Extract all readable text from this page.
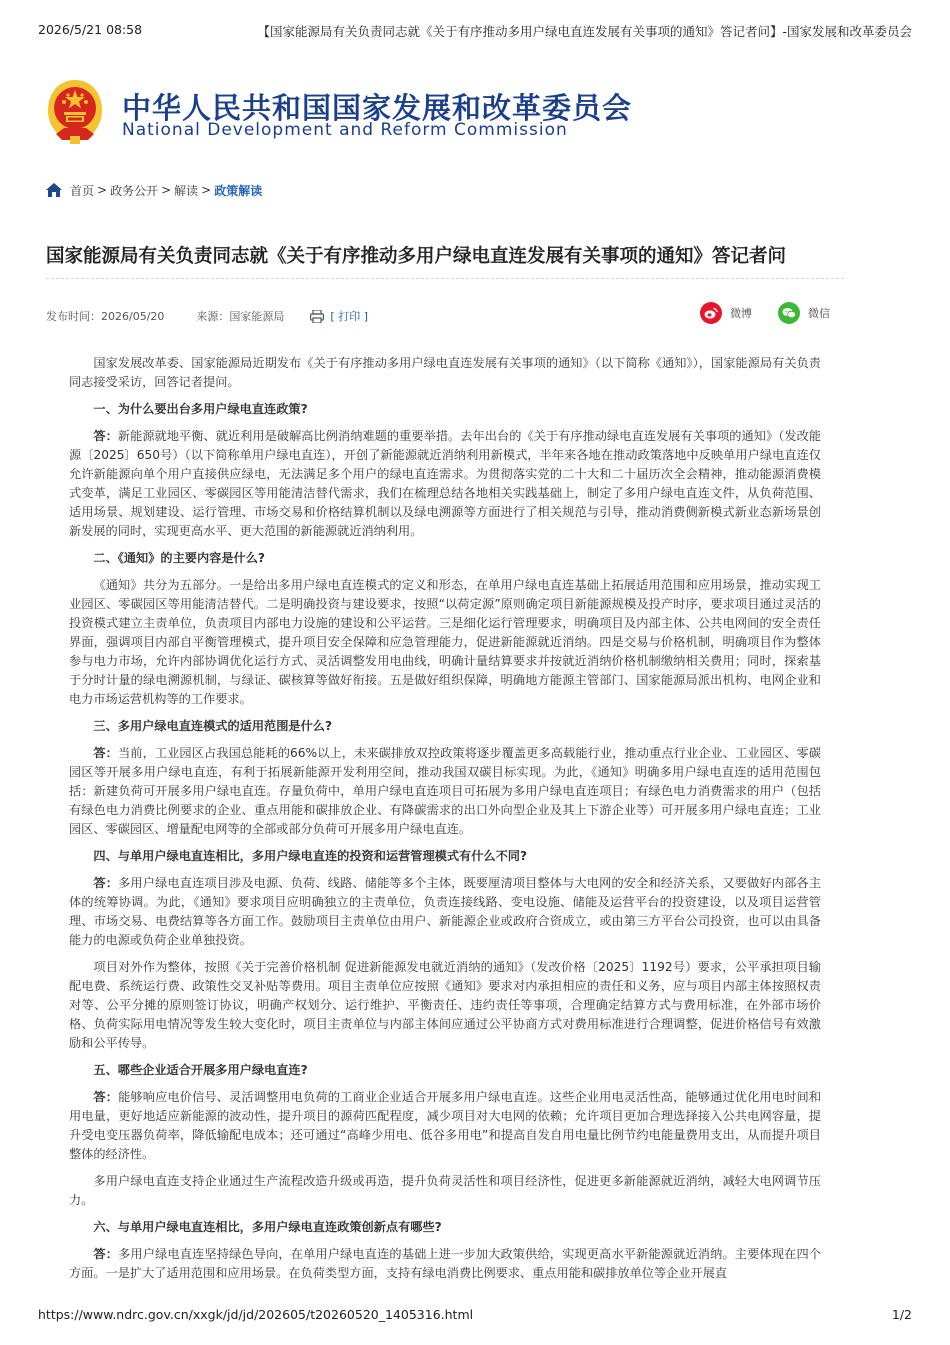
2026/5/21 08:58	【国家能源局有关负责同志就《关于有序推动多用户绿电直连发展有关事项的通知》答记者问】-国家发展和改革委员会
中华人民共和国国家发展和改革委员会
National Development and Reform Commission
首页 > 政务公开 > 解读 > 政策解读
国家能源局有关负责同志就《关于有序推动多用户绿电直连发展有关事项的通知》答记者问
发布时间：2026/05/20	来源：国家能源局	[ 打印 ]	微博	微信

国家发展改革委、国家能源局近期发布《关于有序推动多用户绿电直连发展有关事项的通知》（以下简称《通知》），国家能源局有关负责同志接受采访，回答记者提问。

一、为什么要出台多用户绿电直连政策?

答：新能源就地平衡、就近利用是破解高比例消纳难题的重要举措。去年出台的《关于有序推动绿电直连发展有关事项的通知》（发改能源〔2025〕650号）（以下简称单用户绿电直连），开创了新能源就近消纳利用新模式，半年来各地在推动政策落地中反映单用户绿电直连仅允许新能源向单个用户直接供应绿电，无法满足多个用户的绿电直连需求。为贯彻落实党的二十大和二十届历次全会精神，推动能源消费模式变革，满足工业园区、零碳园区等用能清洁替代需求，我们在梳理总结各地相关实践基础上，制定了多用户绿电直连文件，从负荷范围、适用场景、规划建设、运行管理、市场交易和价格结算机制以及绿电溯源等方面进行了相关规范与引导，推动消费侧新模式新业态新场景创新发展的同时，实现更高水平、更大范围的新能源就近消纳利用。

二、《通知》的主要内容是什么?

《通知》共分为五部分。一是给出多用户绿电直连模式的定义和形态，在单用户绿电直连基础上拓展适用范围和应用场景，推动实现工业园区、零碳园区等用能清洁替代。二是明确投资与建设要求，按照“以荷定源”原则确定项目新能源规模及投产时序，要求项目通过灵活的投资模式建立主责单位，负责项目内部电力设施的建设和公平运营。三是细化运行管理要求，明确项目及内部主体、公共电网间的安全责任界面，强调项目内部自平衡管理模式，提升项目安全保障和应急管理能力，促进新能源就近消纳。四是交易与价格机制，明确项目作为整体参与电力市场，允许内部协调优化运行方式、灵活调整发用电曲线，明确计量结算要求并按就近消纳价格机制缴纳相关费用；同时，探索基于分时计量的绿电溯源机制，与绿证、碳核算等做好衔接。五是做好组织保障，明确地方能源主管部门、国家能源局派出机构、电网企业和电力市场运营机构等的工作要求。

三、多用户绿电直连模式的适用范围是什么?

答：当前，工业园区占我国总能耗的66%以上，未来碳排放双控政策将逐步覆盖更多高载能行业，推动重点行业企业、工业园区、零碳园区等开展多用户绿电直连，有利于拓展新能源开发利用空间，推动我国双碳目标实现。为此，《通知》明确多用户绿电直连的适用范围包括：新建负荷可开展多用户绿电直连。存量负荷中，单用户绿电直连项目可拓展为多用户绿电直连项目；有绿色电力消费需求的用户（包括有绿色电力消费比例要求的企业、重点用能和碳排放企业、有降碳需求的出口外向型企业及其上下游企业等）可开展多用户绿电直连；工业园区、零碳园区、增量配电网等的全部或部分负荷可开展多用户绿电直连。

四、与单用户绿电直连相比，多用户绿电直连的投资和运营管理模式有什么不同?

答：多用户绿电直连项目涉及电源、负荷、线路、储能等多个主体，既要厘清项目整体与大电网的安全和经济关系，又要做好内部各主体的统筹协调。为此，《通知》要求项目应明确独立的主责单位，负责连接线路、变电设施、储能及运营平台的投资建设，以及项目运营管理、市场交易、电费结算等各方面工作。鼓励项目主责单位由用户、新能源企业或政府合资成立，或由第三方平台公司投资，也可以由具备能力的电源或负荷企业单独投资。

项目对外作为整体，按照《关于完善价格机制 促进新能源发电就近消纳的通知》（发改价格〔2025〕1192号）要求，公平承担项目输配电费、系统运行费、政策性交叉补贴等费用。项目主责单位应按照《通知》要求对内承担相应的责任和义务，应与项目内部主体按照权责对等、公平分摊的原则签订协议，明确产权划分、运行维护、平衡责任、违约责任等事项，合理确定结算方式与费用标准，在外部市场价格、负荷实际用电情况等发生较大变化时，项目主责单位与内部主体间应通过公平协商方式对费用标准进行合理调整，促进价格信号有效激励和公平传导。

五、哪些企业适合开展多用户绿电直连?

答：能够响应电价信号、灵活调整用电负荷的工商业企业适合开展多用户绿电直连。这些企业用电灵活性高，能够通过优化用电时间和用电量，更好地适应新能源的波动性，提升项目的源荷匹配程度，减少项目对大电网的依赖；允许项目更加合理选择接入公共电网容量，提升受电变压器负荷率，降低输配电成本；还可通过“高峰少用电、低谷多用电”和提高自发自用电量比例节约电能量费用支出，从而提升项目整体的经济性。

多用户绿电直连支持企业通过生产流程改造升级或再造，提升负荷灵活性和项目经济性，促进更多新能源就近消纳，减轻大电网调节压力。

六、与单用户绿电直连相比，多用户绿电直连政策创新点有哪些?

答：多用户绿电直连坚持绿色导向，在单用户绿电直连的基础上进一步加大政策供给，实现更高水平新能源就近消纳。主要体现在四个方面。一是扩大了适用范围和应用场景。在负荷类型方面，支持有绿电消费比例要求、重点用能和碳排放单位等企业开展直

https://www.ndrc.gov.cn/xxgk/jd/jd/202605/t20260520_1405316.html	1/2
